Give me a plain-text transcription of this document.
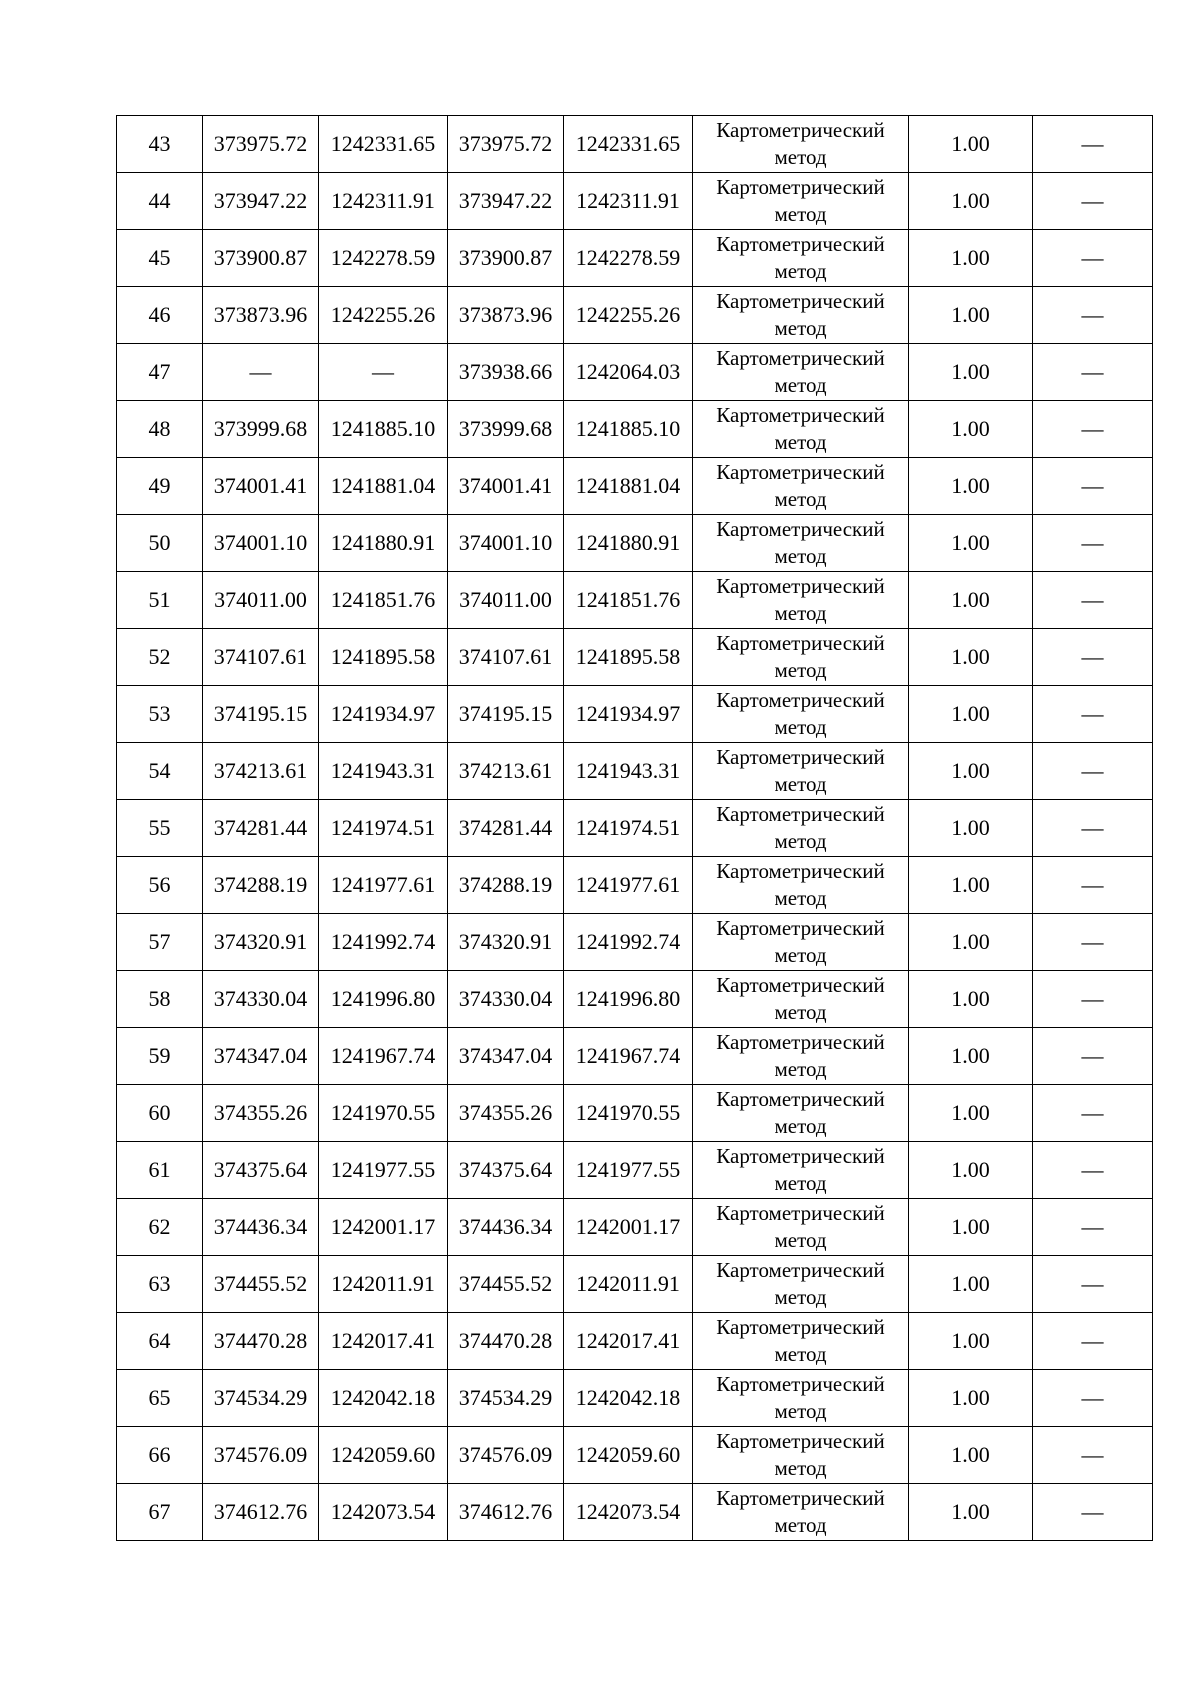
43	373975.72	1242331.65	373975.72	1242331.65	Картометрический
метод	1.00	—
44	373947.22	1242311.91	373947.22	1242311.91	Картометрический
метод	1.00	—
45	373900.87	1242278.59	373900.87	1242278.59	Картометрический
метод	1.00	—
46	373873.96	1242255.26	373873.96	1242255.26	Картометрический
метод	1.00	—
47	—	—	373938.66	1242064.03	Картометрический
метод	1.00	—
48	373999.68	1241885.10	373999.68	1241885.10	Картометрический
метод	1.00	—
49	374001.41	1241881.04	374001.41	1241881.04	Картометрический
метод	1.00	—
50	374001.10	1241880.91	374001.10	1241880.91	Картометрический
метод	1.00	—
51	374011.00	1241851.76	374011.00	1241851.76	Картометрический
метод	1.00	—
52	374107.61	1241895.58	374107.61	1241895.58	Картометрический
метод	1.00	—
53	374195.15	1241934.97	374195.15	1241934.97	Картометрический
метод	1.00	—
54	374213.61	1241943.31	374213.61	1241943.31	Картометрический
метод	1.00	—
55	374281.44	1241974.51	374281.44	1241974.51	Картометрический
метод	1.00	—
56	374288.19	1241977.61	374288.19	1241977.61	Картометрический
метод	1.00	—
57	374320.91	1241992.74	374320.91	1241992.74	Картометрический
метод	1.00	—
58	374330.04	1241996.80	374330.04	1241996.80	Картометрический
метод	1.00	—
59	374347.04	1241967.74	374347.04	1241967.74	Картометрический
метод	1.00	—
60	374355.26	1241970.55	374355.26	1241970.55	Картометрический
метод	1.00	—
61	374375.64	1241977.55	374375.64	1241977.55	Картометрический
метод	1.00	—
62	374436.34	1242001.17	374436.34	1242001.17	Картометрический
метод	1.00	—
63	374455.52	1242011.91	374455.52	1242011.91	Картометрический
метод	1.00	—
64	374470.28	1242017.41	374470.28	1242017.41	Картометрический
метод	1.00	—
65	374534.29	1242042.18	374534.29	1242042.18	Картометрический
метод	1.00	—
66	374576.09	1242059.60	374576.09	1242059.60	Картометрический
метод	1.00	—
67	374612.76	1242073.54	374612.76	1242073.54	Картометрический
метод	1.00	—
